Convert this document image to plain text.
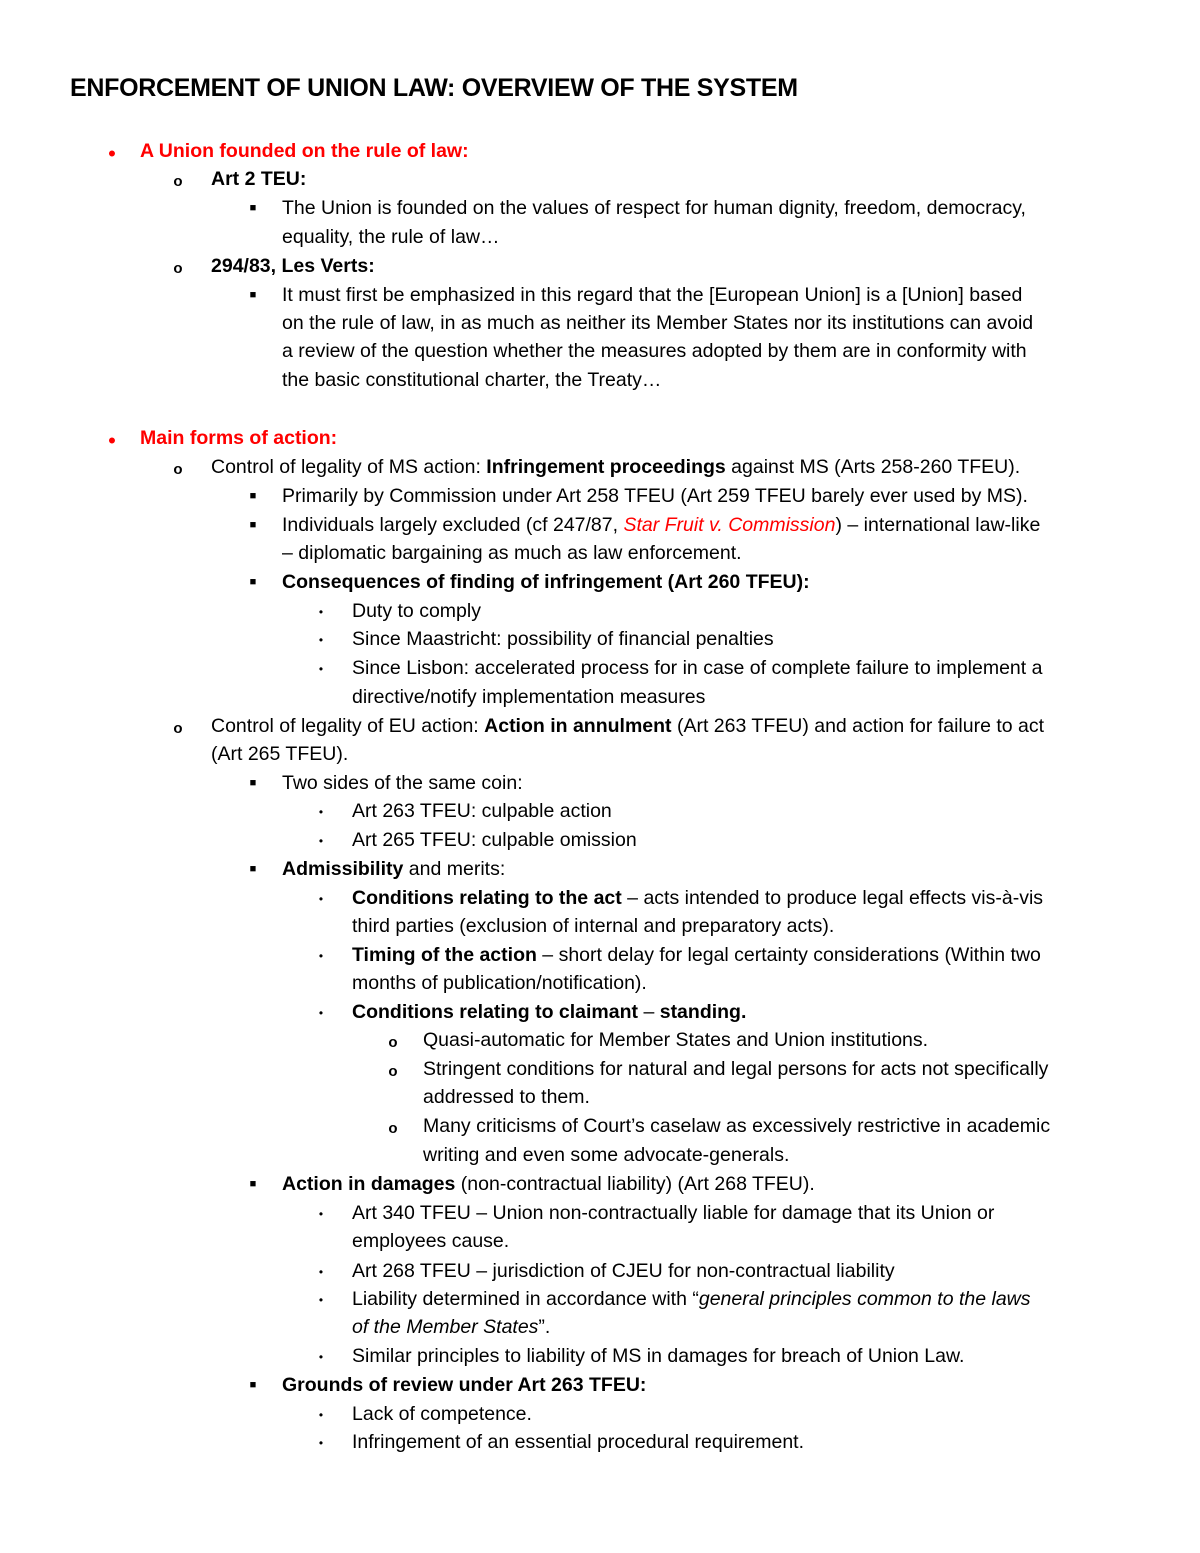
ENFORCEMENT OF UNION LAW: OVERVIEW OF THE SYSTEM
•	A Union founded on the rule of law:
o Art 2 TEU:
■	The Union is founded on the values of respect for human dignity, freedom, democracy,
equality, the rule of law…
o 294/83, Les Verts:
■	It must first be emphasized in this regard that the [European Union] is a [Union] based
on the rule of law, in as much as neither its Member States nor its institutions can avoid
a review of the question whether the measures adopted by them are in conformity with
the basic constitutional charter, the Treaty…
•	Main forms of action:
o Control of legality of MS action: Infringement proceedings against MS (Arts 258-260 TFEU).
■	Primarily by Commission under Art 258 TFEU (Art 259 TFEU barely ever used by MS).
■	Individuals largely excluded (cf 247/87, Star Fruit v. Commission) – international law-like
– diplomatic bargaining as much as law enforcement.
■	Consequences of finding of infringement (Art 260 TFEU):
•	Duty to comply
•	Since Maastricht: possibility of financial penalties
•	Since Lisbon: accelerated process for in case of complete failure to implement a
directive/notify implementation measures
o Control of legality of EU action: Action in annulment (Art 263 TFEU) and action for failure to act
(Art 265 TFEU).
■	Two sides of the same coin:
•	Art 263 TFEU: culpable action
•	Art 265 TFEU: culpable omission
■	Admissibility and merits:
•	Conditions relating to the act – acts intended to produce legal effects vis-à-vis
third parties (exclusion of internal and preparatory acts).
•	Timing of the action – short delay for legal certainty considerations (Within two
months of publication/notification).
•	Conditions relating to claimant – standing.
o Quasi-automatic for Member States and Union institutions.
o Stringent conditions for natural and legal persons for acts not specifically
addressed to them.
o Many criticisms of Court’s caselaw as excessively restrictive in academic
writing and even some advocate-generals.
■	Action in damages (non-contractual liability) (Art 268 TFEU).
•	Art 340 TFEU – Union non-contractually liable for damage that its Union or
employees cause.
•	Art 268 TFEU – jurisdiction of CJEU for non-contractual liability
•	Liability determined in accordance with “general principles common to the laws
of the Member States”.
•	Similar principles to liability of MS in damages for breach of Union Law.
■	Grounds of review under Art 263 TFEU:
•	Lack of competence.
•	Infringement of an essential procedural requirement.
